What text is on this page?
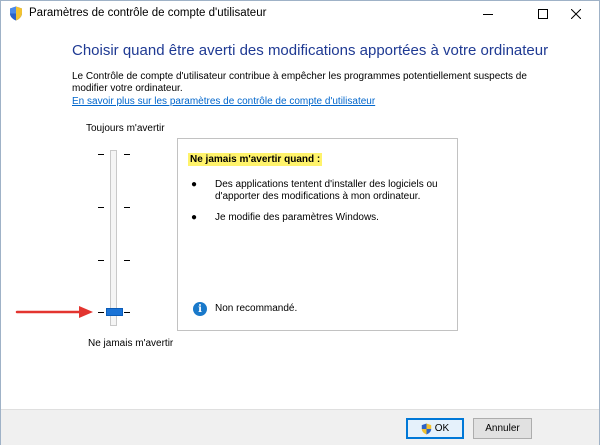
Paramètres de contrôle de compte d'utilisateur
Choisir quand être averti des modifications apportées à votre ordinateur
Le Contrôle de compte d'utilisateur contribue à empêcher les programmes potentiellement suspects de modifier votre ordinateur.
En savoir plus sur les paramètres de contrôle de compte d'utilisateur
Toujours m'avertir
Ne jamais m'avertir
Ne jamais m'avertir quand :
● Des applications tentent d'installer des logiciels ou d'apporter des modifications à mon ordinateur.
● Je modifie des paramètres Windows.
i	Non recommandé.
OK	Annuler
